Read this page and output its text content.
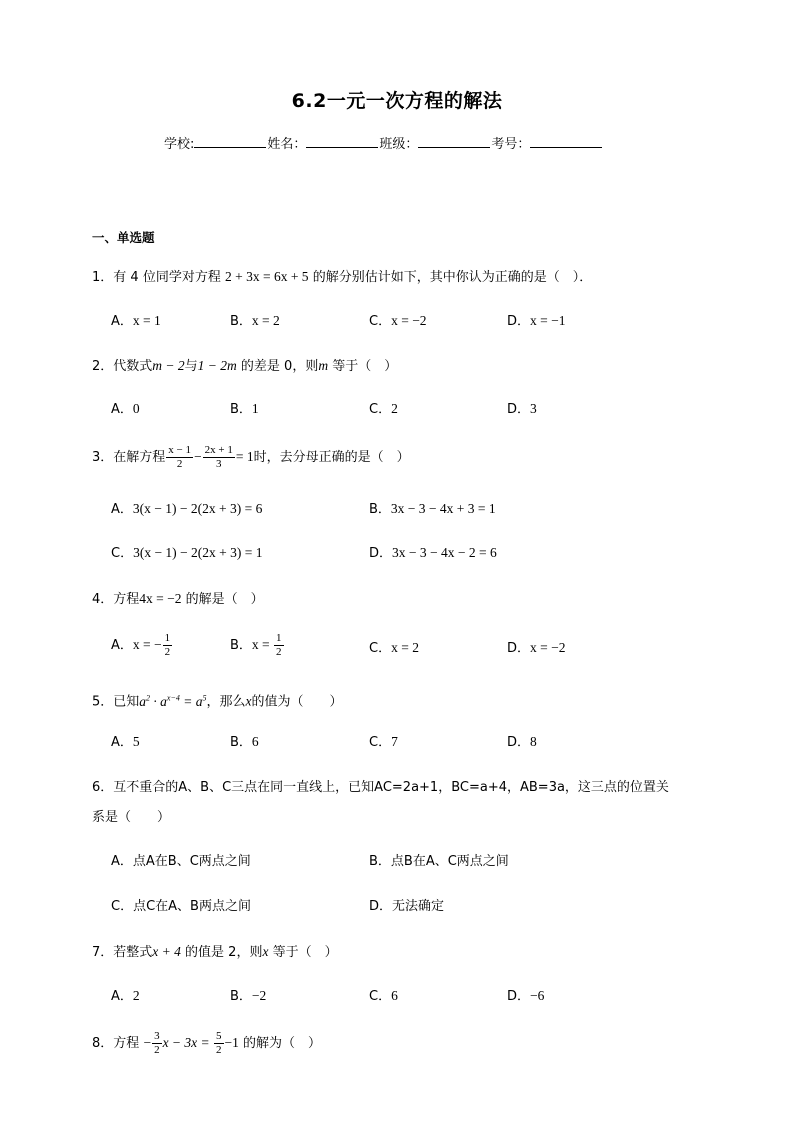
6.2一元一次方程的解法
学校:	姓名：	班级：	考号：
一、单选题
1．有 4 位同学对方程 2 + 3x = 6x + 5 的解分别估计如下，其中你认为正确的是（　）．
A．x = 1	B．x = 2	C．x = −2	D．x = −1
2．代数式m − 2与1 − 2m 的差是 0，则m 等于（　）
A．0	B．1	C．2	D．3
3．在解方程 $\frac{x - 1}{2} - \frac{2x + 1}{3} = 1$时，去分母正确的是（　）
A．3(x − 1) − 2(2x + 3) = 6	B．3x − 3 − 4x + 3 = 1
C．3(x − 1) − 2(2x + 3) = 1	D．3x − 3 − 4x − 2 = 6
4．方程4x = −2 的解是（　）
A．x = − $\frac{1}{2}$	B．$x = \frac{1}{2}$	C．x = 2	D．x = −2
5．已知$a^2 \cdot a^{x-4} = a^5$，那么x的值为（　　）
A．5	B．6	C．7	D．8
6．互不重合的A、B、C三点在同一直线上，已知AC=2a+1，BC=a+4，AB=3a，这三点的位置关
系是（　　）
A．点A在B、C两点之间	B．点B在A、C两点之间
C．点C在A、B两点之间	D．无法确定
7．若整式x + 4 的值是 2，则x 等于（　）
A．2	B．−2	C．6	D．−6
8．方程 − $\frac{3}{2}$ $x - 3x = \frac{5}{2} -1$ 的解为（　）
